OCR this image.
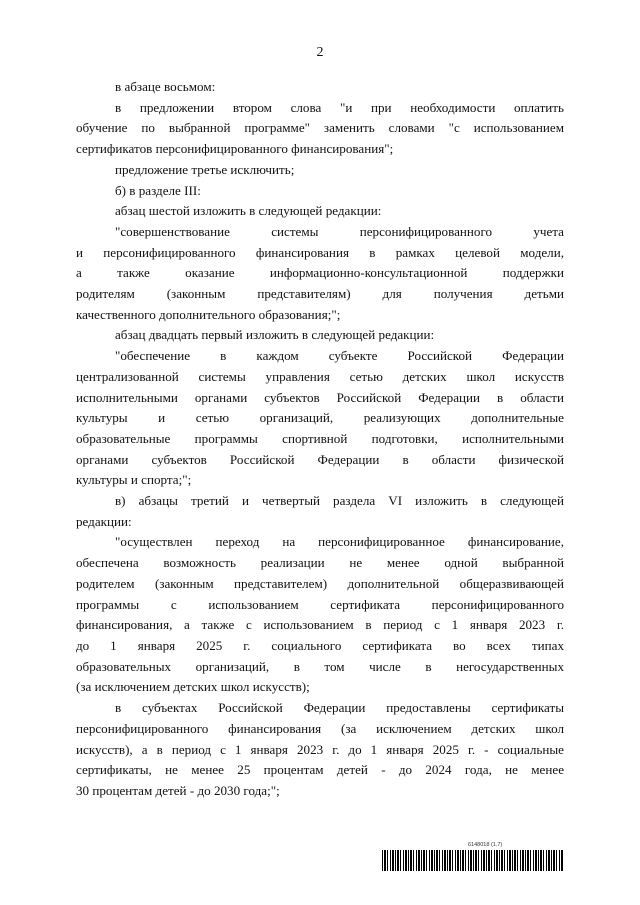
2

в абзаце восьмом:

в предложении втором слова "и при необходимости оплатить

обучение по выбранной программе" заменить словами "с использованием

сертификатов персонифицированного финансирования";

предложение третье исключить;

б) в разделе III:

абзац шестой изложить в следующей редакции:

"совершенствование системы персонифицированного учета

и персонифицированного финансирования в рамках целевой модели,

а также оказание информационно-консультационной поддержки

родителям (законным представителям) для получения детьми

качественного дополнительного образования;";

абзац двадцать первый изложить в следующей редакции:

"обеспечение в каждом субъекте Российской Федерации

централизованной системы управления сетью детских школ искусств

исполнительными органами субъектов Российской Федерации в области

культуры и сетью организаций, реализующих дополнительные

образовательные программы спортивной подготовки, исполнительными

органами субъектов Российской Федерации в области физической

культуры и спорта;";

в) абзацы третий и четвертый раздела VI изложить в следующей

редакции:

"осуществлен переход на персонифицированное финансирование,

обеспечена возможность реализации не менее одной выбранной

родителем (законным представителем) дополнительной общеразвивающей

программы с использованием сертификата персонифицированного

финансирования, а также с использованием в период с 1 января 2023 г.

до 1 января 2025 г. социального сертификата во всех типах

образовательных организаций, в том числе в негосударственных

(за исключением детских школ искусств);

в субъектах Российской Федерации предоставлены сертификаты

персонифицированного финансирования (за исключением детских школ

искусств), а в период с 1 января 2023 г. до 1 января 2025 г. - социальные

сертификаты, не менее 25 процентам детей - до 2024 года, не менее

30 процентам детей - до 2030 года;";

6148018 (1.7)
